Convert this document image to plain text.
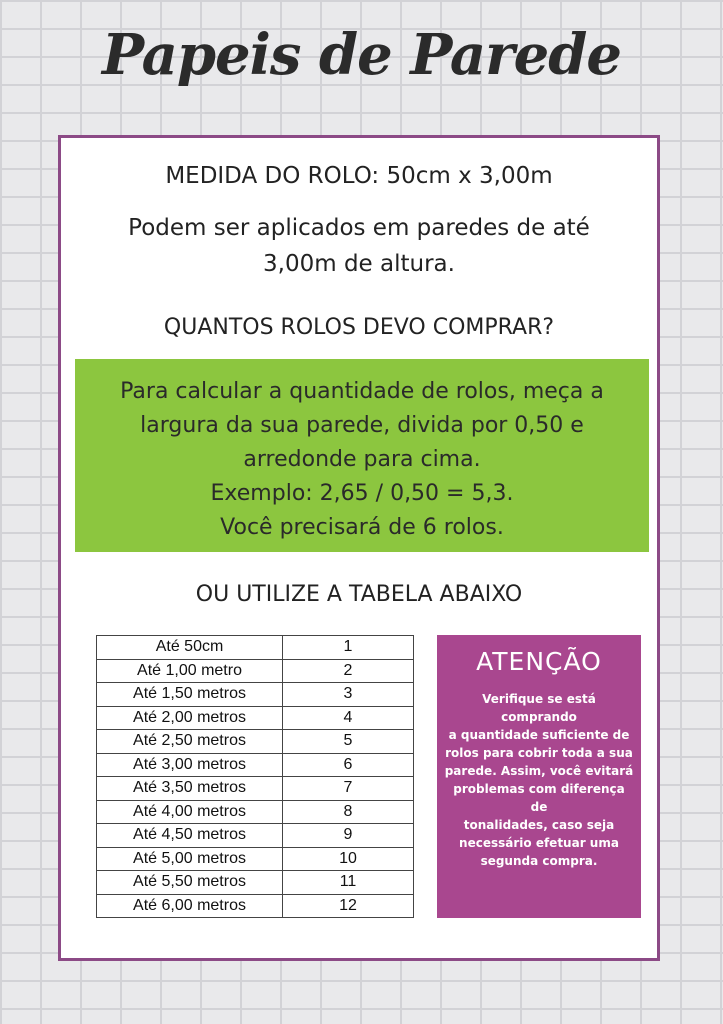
Papeis de Parede
MEDIDA DO ROLO: 50cm x 3,00m
Podem ser aplicados em paredes de até
3,00m de altura.
QUANTOS ROLOS DEVO COMPRAR?
Para calcular a quantidade de rolos, meça a
largura da sua parede, divida por 0,50 e
arredonde para cima.
Exemplo: 2,65 / 0,50 = 5,3.
Você precisará de 6 rolos.
OU UTILIZE A TABELA ABAIXO
Até 50cm	1
Até 1,00 metro	2
Até 1,50 metros	3
Até 2,00 metros	4
Até 2,50 metros	5
Até 3,00 metros	6
Até 3,50 metros	7
Até 4,00 metros	8
Até 4,50 metros	9
Até 5,00 metros	10
Até 5,50 metros	11
Até 6,00 metros	12
ATENÇÃO
Verifique se está comprando
a quantidade suficiente de
rolos para cobrir toda a sua
parede. Assim, você evitará
problemas com diferença de
tonalidades, caso seja
necessário efetuar uma
segunda compra.
